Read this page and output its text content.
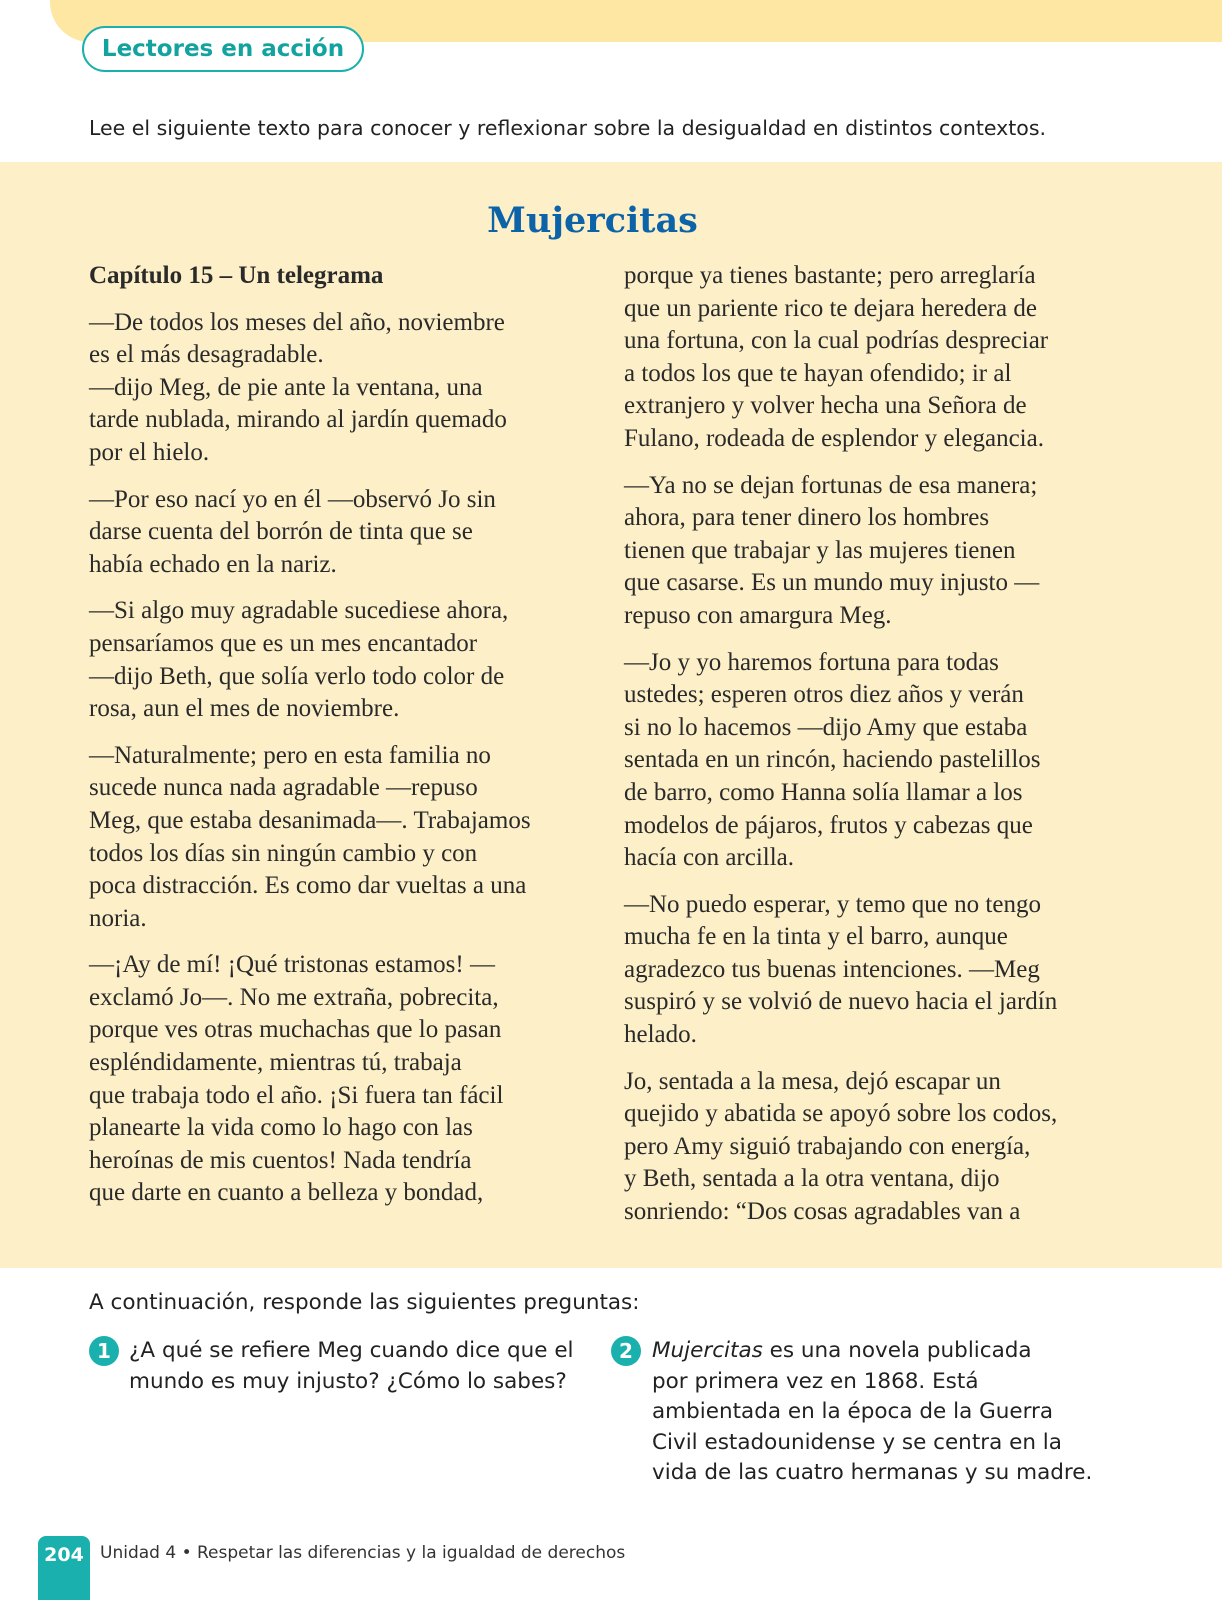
Lectores en acción
Lee el siguiente texto para conocer y reflexionar sobre la desigualdad en distintos contextos.
Mujercitas

Capítulo 15 – Un telegrama

—De todos los meses del año, noviembre
es el más desagradable.
—dijo Meg, de pie ante la ventana, una
tarde nublada, mirando al jardín quemado
por el hielo.

—Por eso nací yo en él —observó Jo sin
darse cuenta del borrón de tinta que se
había echado en la nariz.

—Si algo muy agradable sucediese ahora,
pensaríamos que es un mes encantador
—dijo Beth, que solía verlo todo color de
rosa, aun el mes de noviembre.

—Naturalmente; pero en esta familia no
sucede nunca nada agradable —repuso
Meg, que estaba desanimada—. Trabajamos
todos los días sin ningún cambio y con
poca distracción. Es como dar vueltas a una
noria.

—¡Ay de mí! ¡Qué tristonas estamos! —
exclamó Jo—. No me extraña, pobrecita,
porque ves otras muchachas que lo pasan
espléndidamente, mientras tú, trabaja
que trabaja todo el año. ¡Si fuera tan fácil
planearte la vida como lo hago con las
heroínas de mis cuentos! Nada tendría
que darte en cuanto a belleza y bondad,

porque ya tienes bastante; pero arreglaría
que un pariente rico te dejara heredera de
una fortuna, con la cual podrías despreciar
a todos los que te hayan ofendido; ir al
extranjero y volver hecha una Señora de
Fulano, rodeada de esplendor y elegancia.

—Ya no se dejan fortunas de esa manera;
ahora, para tener dinero los hombres
tienen que trabajar y las mujeres tienen
que casarse. Es un mundo muy injusto —
repuso con amargura Meg.

—Jo y yo haremos fortuna para todas
ustedes; esperen otros diez años y verán
si no lo hacemos —dijo Amy que estaba
sentada en un rincón, haciendo pastelillos
de barro, como Hanna solía llamar a los
modelos de pájaros, frutos y cabezas que
hacía con arcilla.

—No puedo esperar, y temo que no tengo
mucha fe en la tinta y el barro, aunque
agradezco tus buenas intenciones. —Meg
suspiró y se volvió de nuevo hacia el jardín
helado.

Jo, sentada a la mesa, dejó escapar un
quejido y abatida se apoyó sobre los codos,
pero Amy siguió trabajando con energía,
y Beth, sentada a la otra ventana, dijo
sonriendo: “Dos cosas agradables van a

A continuación, responde las siguientes preguntas:
1 ¿A qué se refiere Meg cuando dice que el
mundo es muy injusto? ¿Cómo lo sabes?
2 Mujercitas es una novela publicada
por primera vez en 1868. Está
ambientada en la época de la Guerra
Civil estadounidense y se centra en la
vida de las cuatro hermanas y su madre.
204 Unidad 4 • Respetar las diferencias y la igualdad de derechos
